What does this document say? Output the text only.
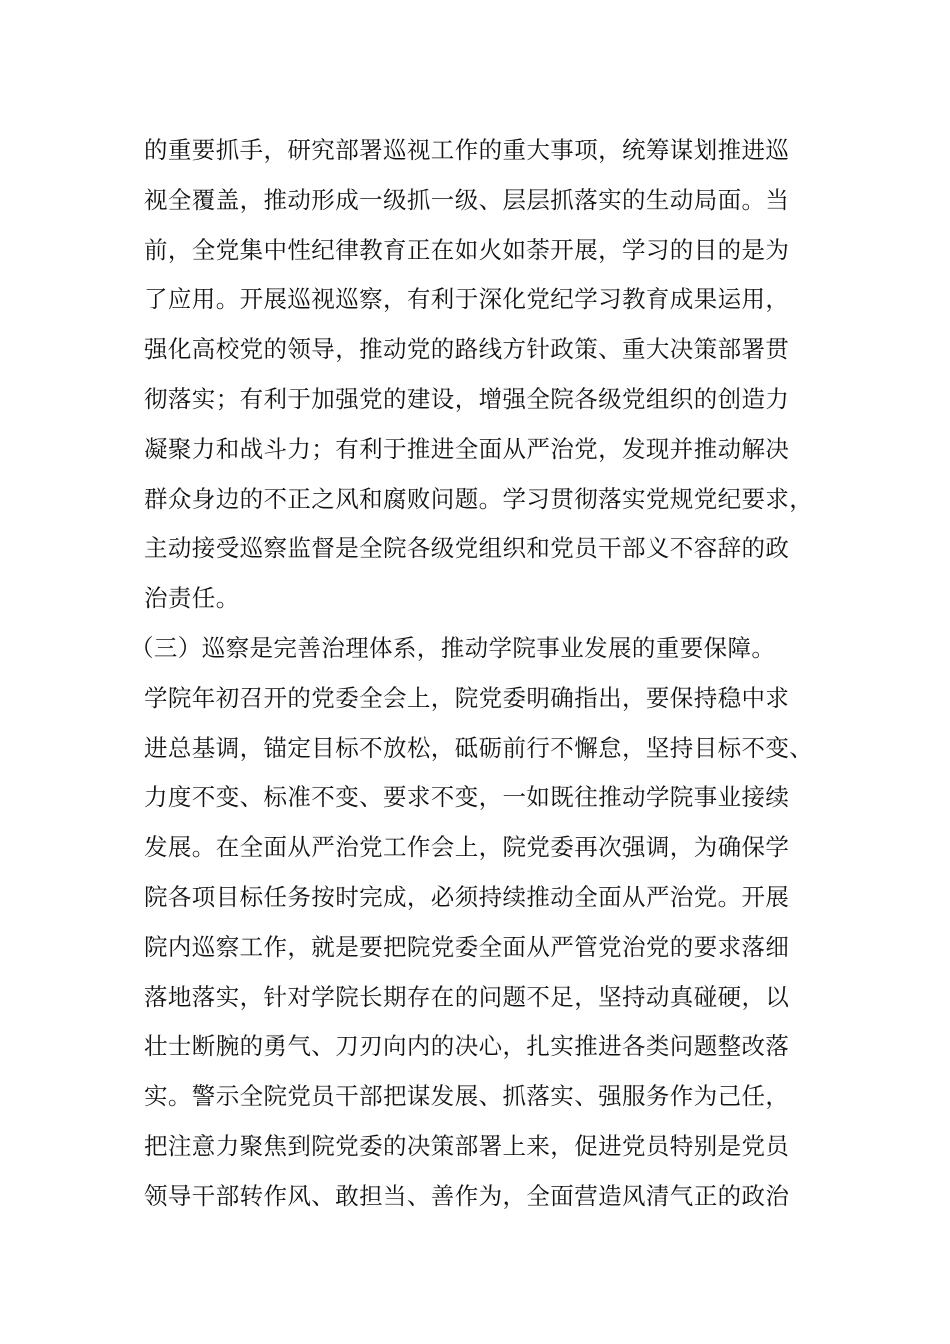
的重要抓手，研究部署巡视工作的重大事项，统筹谋划推进巡
视全覆盖，推动形成一级抓一级、层层抓落实的生动局面。当
前，全党集中性纪律教育正在如火如荼开展，学习的目的是为
了应用。开展巡视巡察，有利于深化党纪学习教育成果运用，
强化高校党的领导，推动党的路线方针政策、重大决策部署贯
彻落实；有利于加强党的建设，增强全院各级党组织的创造力
凝聚力和战斗力；有利于推进全面从严治党，发现并推动解决
群众身边的不正之风和腐败问题。学习贯彻落实党规党纪要求，
主动接受巡察监督是全院各级党组织和党员干部义不容辞的政
治责任。
（三）巡察是完善治理体系，推动学院事业发展的重要保障。
学院年初召开的党委全会上，院党委明确指出，要保持稳中求
进总基调，锚定目标不放松，砥砺前行不懈怠，坚持目标不变、
力度不变、标准不变、要求不变，一如既往推动学院事业接续
发展。在全面从严治党工作会上，院党委再次强调，为确保学
院各项目标任务按时完成，必须持续推动全面从严治党。开展
院内巡察工作，就是要把院党委全面从严管党治党的要求落细
落地落实，针对学院长期存在的问题不足，坚持动真碰硬，以
壮士断腕的勇气、刀刃向内的决心，扎实推进各类问题整改落
实。警示全院党员干部把谋发展、抓落实、强服务作为己任，
把注意力聚焦到院党委的决策部署上来，促进党员特别是党员
领导干部转作风、敢担当、善作为，全面营造风清气正的政治
